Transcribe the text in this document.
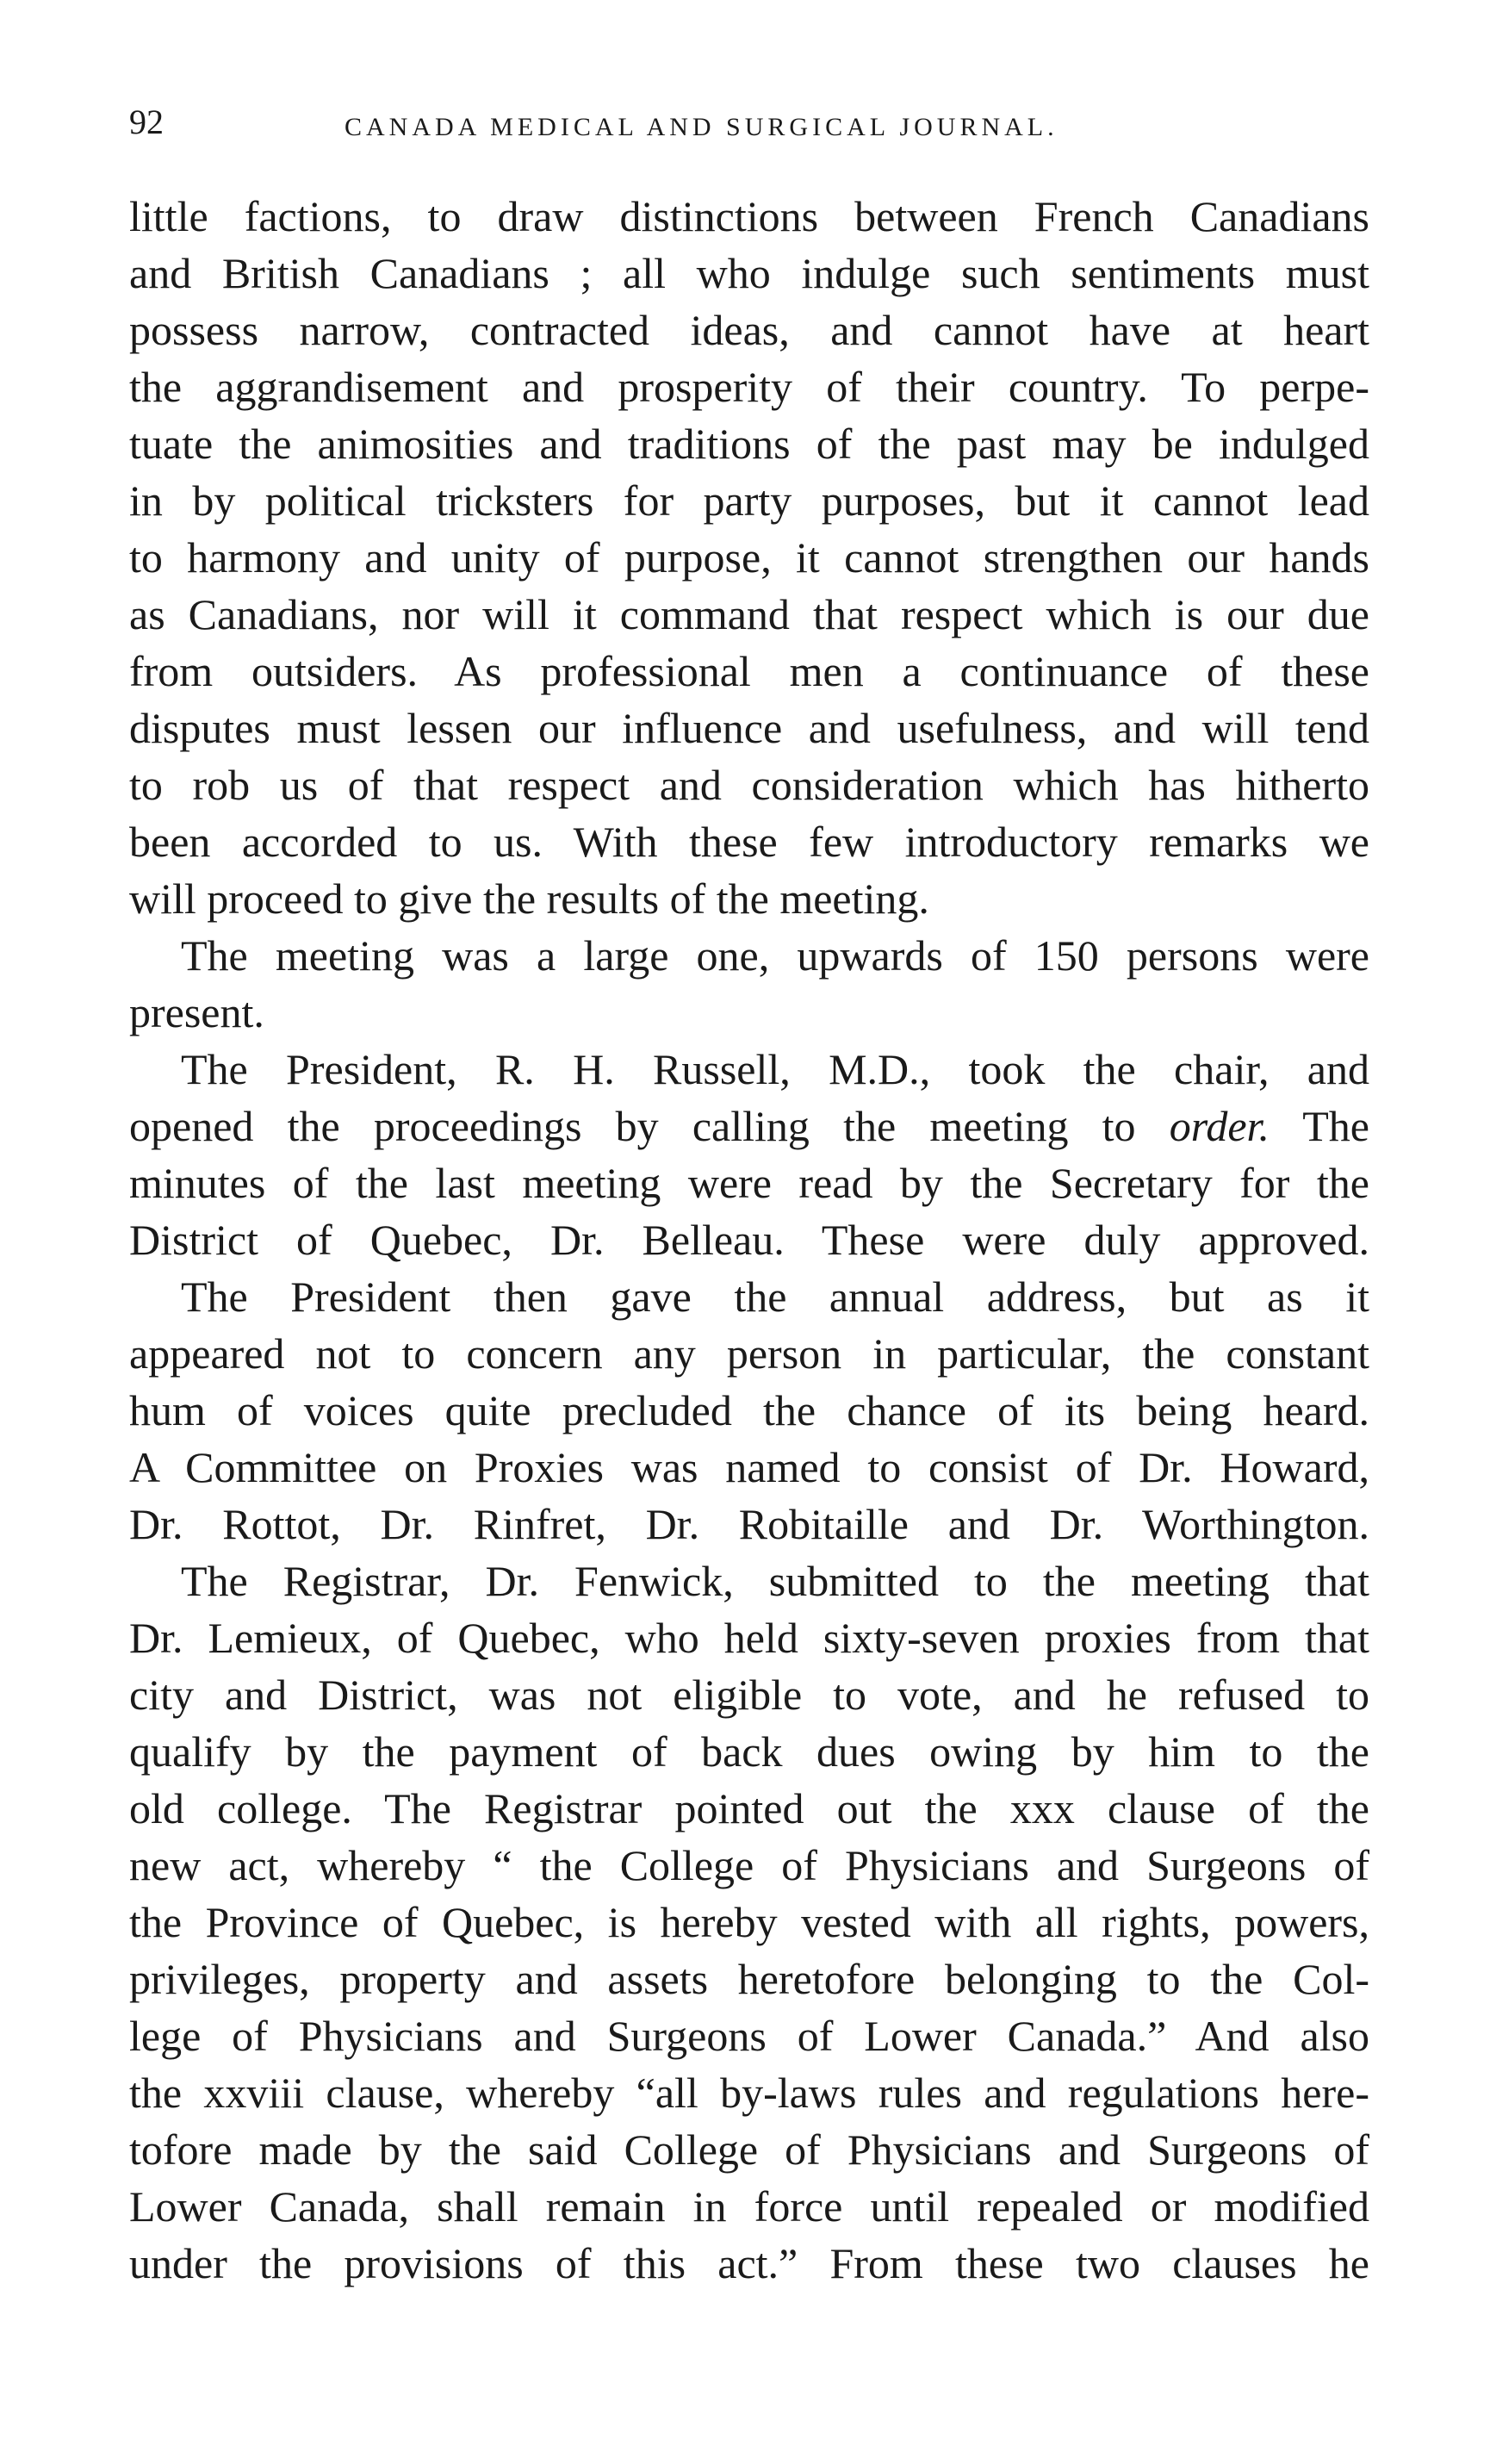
92	CANADA MEDICAL AND SURGICAL JOURNAL.
little factions, to draw distinctions between French Canadians
and British Canadians ; all who indulge such sentiments must
possess narrow, contracted ideas, and cannot have at heart
the aggrandisement and prosperity of their country. To perpe-
tuate the animosities and traditions of the past may be indulged
in by political tricksters for party purposes, but it cannot lead
to harmony and unity of purpose, it cannot strengthen our hands
as Canadians, nor will it command that respect which is our due
from outsiders. As professional men a continuance of these
disputes must lessen our influence and usefulness, and will tend
to rob us of that respect and consideration which has hitherto
been accorded to us. With these few introductory remarks we
will proceed to give the results of the meeting.
The meeting was a large one, upwards of 150 persons were
present.
The President, R. H. Russell, M.D., took the chair, and
opened the proceedings by calling the meeting to order. The
minutes of the last meeting were read by the Secretary for the
District of Quebec, Dr. Belleau. These were duly approved.
The President then gave the annual address, but as it
appeared not to concern any person in particular, the constant
hum of voices quite precluded the chance of its being heard.
A Committee on Proxies was named to consist of Dr. Howard,
Dr. Rottot, Dr. Rinfret, Dr. Robitaille and Dr. Worthington.
The Registrar, Dr. Fenwick, submitted to the meeting that
Dr. Lemieux, of Quebec, who held sixty-seven proxies from that
city and District, was not eligible to vote, and he refused to
qualify by the payment of back dues owing by him to the
old college. The Registrar pointed out the xxx clause of the
new act, whereby “ the College of Physicians and Surgeons of
the Province of Quebec, is hereby vested with all rights, powers,
privileges, property and assets heretofore belonging to the Col-
lege of Physicians and Surgeons of Lower Canada.” And also
the xxviii clause, whereby “all by-laws rules and regulations here-
tofore made by the said College of Physicians and Surgeons of
Lower Canada, shall remain in force until repealed or modified
under the provisions of this act.” From these two clauses he
